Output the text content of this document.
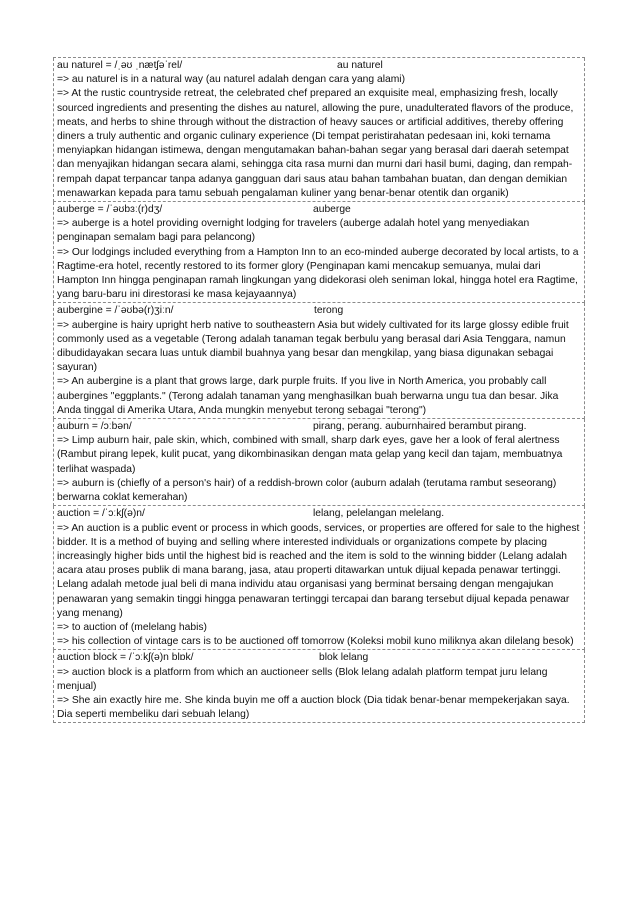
au naturel = /ˌəʊ ˌnætʃəˈrel/	au naturel

=> au naturel is in a natural way (au naturel adalah dengan cara yang alami)

=> At the rustic countryside retreat, the celebrated chef prepared an exquisite meal, emphasizing fresh, locally sourced ingredients and presenting the dishes au naturel, allowing the pure, unadulterated flavors of the produce, meats, and herbs to shine through without the distraction of heavy sauces or artificial additives, thereby offering diners a truly authentic and organic culinary experience (Di tempat peristirahatan pedesaan ini, koki ternama menyiapkan hidangan istimewa, dengan mengutamakan bahan-bahan segar yang berasal dari daerah setempat dan menyajikan hidangan secara alami, sehingga cita rasa murni dan murni dari hasil bumi, daging, dan rempah-rempah dapat terpancar tanpa adanya gangguan dari saus atau bahan tambahan buatan, dan dengan demikian menawarkan kepada para tamu sebuah pengalaman kuliner yang benar-benar otentik dan organik)

auberge = /ˈəʊbɜː(r)dʒ/	auberge

=> auberge is a hotel providing overnight lodging for travelers (auberge adalah hotel yang menyediakan penginapan semalam bagi para pelancong)

=> Our lodgings included everything from a Hampton Inn to an eco-minded auberge decorated by local artists, to a Ragtime-era hotel, recently restored to its former glory (Penginapan kami mencakup semuanya, mulai dari Hampton Inn hingga penginapan ramah lingkungan yang didekorasi oleh seniman lokal, hingga hotel era Ragtime, yang baru-baru ini direstorasi ke masa kejayaannya)

aubergine = /ˈəʊbə(r)ʒiːn/	terong

=> aubergine is hairy upright herb native to southeastern Asia but widely cultivated for its large glossy edible fruit commonly used as a vegetable (Terong adalah tanaman tegak berbulu yang berasal dari Asia Tenggara, namun dibudidayakan secara luas untuk diambil buahnya yang besar dan mengkilap, yang biasa digunakan sebagai sayuran)

=> An aubergine is a plant that grows large, dark purple fruits. If you live in North America, you probably call aubergines "eggplants." (Terong adalah tanaman yang menghasilkan buah berwarna ungu tua dan besar. Jika Anda tinggal di Amerika Utara, Anda mungkin menyebut terong sebagai "terong")

auburn = /ɔːbən/	pirang, perang. auburnhaired berambut pirang.

=> Limp auburn hair, pale skin, which, combined with small, sharp dark eyes, gave her a look of feral alertness (Rambut pirang lepek, kulit pucat, yang dikombinasikan dengan mata gelap yang kecil dan tajam, membuatnya terlihat waspada)

=> auburn is (chiefly of a person's hair) of a reddish-brown color (auburn adalah (terutama rambut seseorang) berwarna coklat kemerahan)

auction = /ˈɔːkʃ(ə)n/	lelang, pelelangan melelang.

=> An auction is a public event or process in which goods, services, or properties are offered for sale to the highest bidder. It is a method of buying and selling where interested individuals or organizations compete by placing increasingly higher bids until the highest bid is reached and the item is sold to the winning bidder (Lelang adalah acara atau proses publik di mana barang, jasa, atau properti ditawarkan untuk dijual kepada penawar tertinggi. Lelang adalah metode jual beli di mana individu atau organisasi yang berminat bersaing dengan mengajukan penawaran yang semakin tinggi hingga penawaran tertinggi tercapai dan barang tersebut dijual kepada penawar yang menang)

=> to auction of (melelang habis)

=> his collection of vintage cars is to be auctioned off tomorrow (Koleksi mobil kuno miliknya akan dilelang besok)

auction block = /ˈɔːkʃ(ə)n blɒk/	blok lelang

=> auction block is a platform from which an auctioneer sells (Blok lelang adalah platform tempat juru lelang menjual)

=> She ain exactly hire me. She kinda buyin me off a auction block (Dia tidak benar-benar mempekerjakan saya. Dia seperti membeliku dari sebuah lelang)
